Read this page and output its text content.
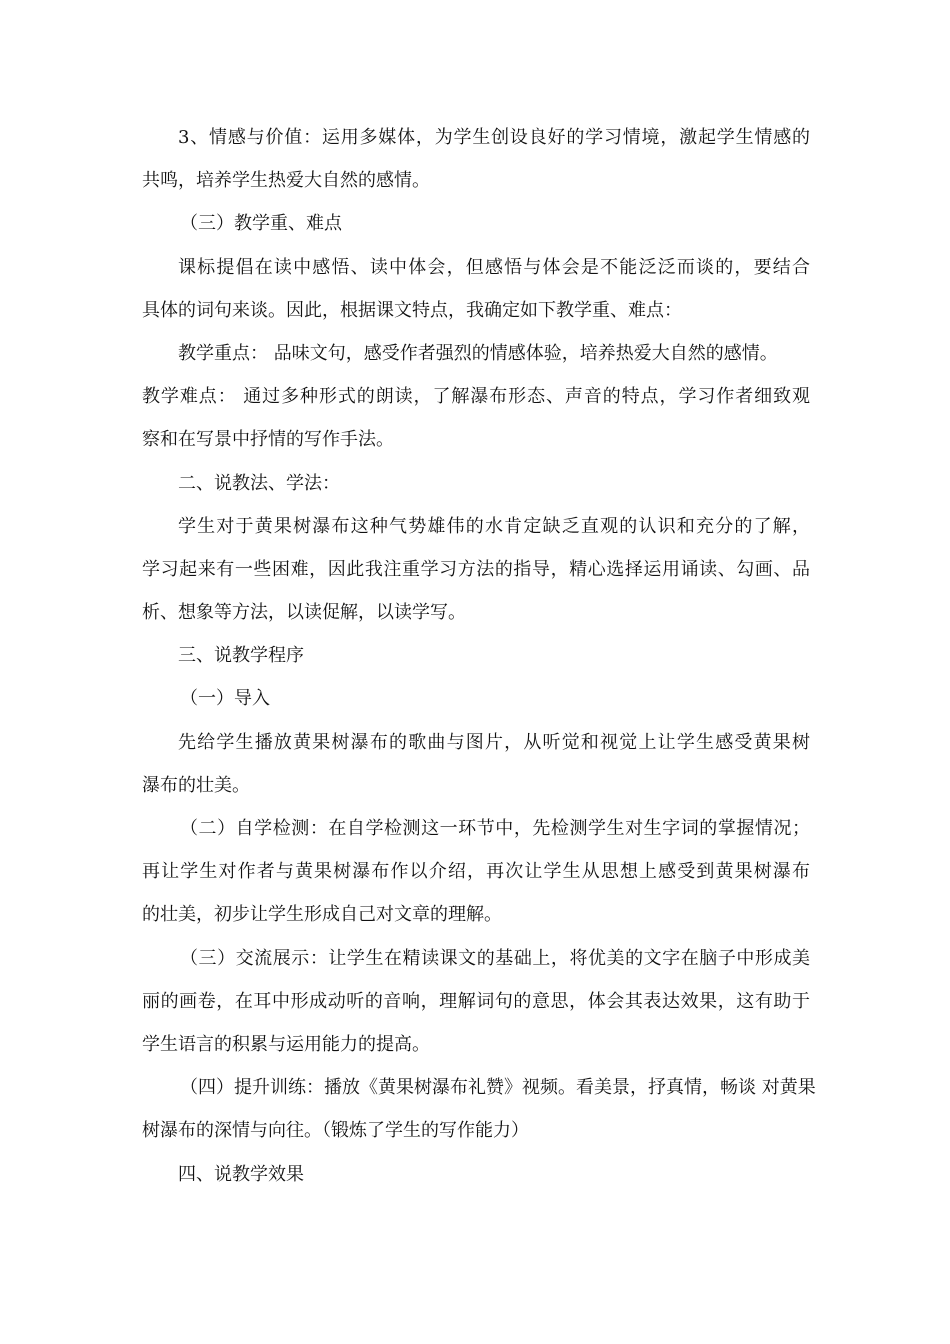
3、情感与价值：运用多媒体，为学生创设良好的学习情境，激起学生情感的
共鸣，培养学生热爱大自然的感情。
（三）教学重、难点
课标提倡在读中感悟、读中体会，但感悟与体会是不能泛泛而谈的，要结合
具体的词句来谈。因此，根据课文特点，我确定如下教学重、难点：
教学重点： 品味文句，感受作者强烈的情感体验，培养热爱大自然的感情。
教学难点： 通过多种形式的朗读，了解瀑布形态、声音的特点，学习作者细致观
察和在写景中抒情的写作手法。
二、说教法、学法：
学生对于黄果树瀑布这种气势雄伟的水肯定缺乏直观的认识和充分的了解，
学习起来有一些困难，因此我注重学习方法的指导，精心选择运用诵读、勾画、品
析、想象等方法，以读促解，以读学写。
三、说教学程序
（一）导入
先给学生播放黄果树瀑布的歌曲与图片，从听觉和视觉上让学生感受黄果树
瀑布的壮美。
（二）自学检测：在自学检测这一环节中，先检测学生对生字词的掌握情况；
再让学生对作者与黄果树瀑布作以介绍，再次让学生从思想上感受到黄果树瀑布
的壮美，初步让学生形成自己对文章的理解。
（三）交流展示：让学生在精读课文的基础上，将优美的文字在脑子中形成美
丽的画卷，在耳中形成动听的音响，理解词句的意思，体会其表达效果，这有助于
学生语言的积累与运用能力的提高。
（四）提升训练：播放《黄果树瀑布礼赞》视频。看美景，抒真情，畅谈 对黄果
树瀑布的深情与向往。（锻炼了学生的写作能力）
四、说教学效果
